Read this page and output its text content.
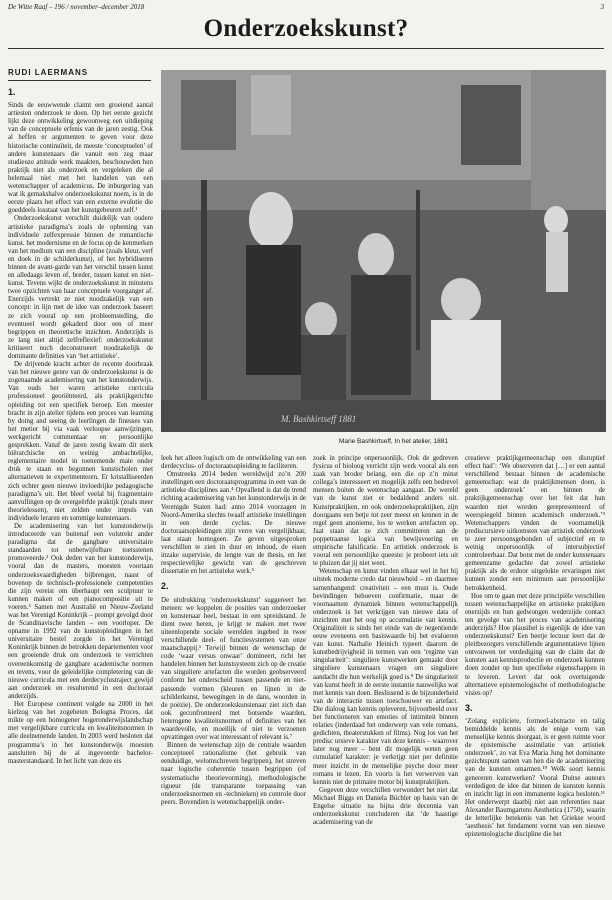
De Witte Raaf – 196 / november–december 2018	3
Onderzoekskunst?
RUDI LAERMANS
1.

Sinds de eeuwwende claimt een groeiend aantal artiesten onderzoek te doen. Op het eerste gezicht lijkt deze ontwikkeling gewoonweg een uitdieping van de conceptuele erfenis van de jaren zestig. Ook al heffen er argumenten te geven voor deze historische continuïteit, de meeste ‘conceptuelen’ of andere kunstenaars die vanuit een zeg maar studieuze attitude werk maakten, beschouwden hun praktijk niet als onderzoek en vergeleken die al helemaal niet met het handelen van een wetenschapper of academicus. De inburgering van wat ik gemakshalve onderzoekskunst noem, is in de eerste plaats het effect van een externe evolutie die goeddeels losstaat van het kunstgebeuren zelf.¹

Onderzoekskunst verschilt duidelijk van oudere artistieke paradigma’s zoals de opheming van individuele zelfexpressie binnen de romantische kunst. het modernisme en de focus op de kenmerken van het medium van een discipline (zoals kleur, verf en doek in de schilderkunst), of het hybridiseren binnen de avant-garde van het verschil tussen kunst en alledaags leven of, breder, tussen kunst en niet-kunst. Tevens wijkt de onderzoekskunst in minstens twee opzichten van haar conceptuele voorganger af. Enerzijds vertrekt ze niet noodzakelijk van een concept: in lijn met de idee van onderzoek baseert ze zich vooral op een probleemstelling, die eventueel wordt gekaderd door een of meer begrippen en theoretische inzichten. Anderzijds is ze lang niet altijd zelfreflexief: onderzoekskunst kritiseert noch deconstrueert noodzakelijk de dominante definities van ‘het artistieke’.

De drijvende kracht achter de recente doorbraak van het nieuwe genre van de onderzoekskunst is de zogenaamde academisering van het kunstonderwijs. Van ouds her waren artistieke curricula professioneel georiënteerd, als praktijkgerichte opleiding tot een specifiek beroep. Een meester bracht in zijn atelier tijdens een proces van learning by doing and seeing de leerlingen de finesses van het metier bij via vaak verloopse aanwijzingen, werkgericht commentaar en persoonlijke gesprekken. Vanaf de jaren zestig kwam dit sterk hiërarchische en weinig ambachtelijke, reglementaire model in toenemende mate onder druk te staan en begonnen kunstscholen met alternatieven te experimenteren. Er kristalliseerden zich echter geen nieuwe invloedrijke pedagogische paradigma’s uit. Het bleef veelal bij fragmentaire aanvullingen op de overgeërfde praktijk (zoals meer theorielessen), niet zelden onder impuls van individuele leraren en sommige kunstenaars.

De academisering van het kunstonderwijs introduceerde van buitenaf een volstrekt ander paradigma dat de gangbare universitaire standaarden tot onbetwijfelbare toetsstenen promoveerde.² Ook deden van het kunstonderwijs, vooral dan de masters, moesten voortaan onderzoeksvaardigheden bijbrengen, naast of bovenop de technisch-professionele competenties die zijn vereist om überhaupt een sculptuur te kunnen maken of een pianocompositie uit te voeren.³ Samen met Australië en Nieuw-Zeeland was het Verenigd Koninkrijk – prompt gevolgd door de Scandinavische landen – een voorloper. De opname in 1992 van de kunstopleidingen in het universitaire bestel zorgde in het Verenigd Koninkrijk binnen de betrokken departementen voor een groeiende druk om onderzoek te verrichten overeenkomstig de gangbare academische normen en tevens, voor de geleidelijke completering van de nieuwe curricula met een derdecyclustraject gewijd aan onderzoek en resulterend in een doctoraat anderzijds.

Het Europese continent volgde na 2000 in het kielzog van het zogeheten Bologna Proces, dat mikte op een homogener hogeronderwijslandschap met vergelijkbare curricula en kwaliteitsnormen in alle deelnemende landen. In 2003 werd besloten dat programma’s in het kunstonderwijs moesten aansluiten bij de al ingevoerde bachelor-masterstandaard. In het licht van deze eis

M. Bashkirtseff 1881
Marie Bashkirtseff, In het atelier, 1881

leek het alleen logisch om de ontwikkeling van een derdecyclus- of doctoraatsopleiding te faciliteren.

Omstreeks 2014 beden wereldwijd zo’n 200 instellingen een doctoraatsprogramma in een van de artistieke disciplines aan.⁴ Opvallend is dat de trend richting academisering van het kunstonderwijs in de Verenigde Staten had: anno 2014 voorzagen in Noord-Amerika slechts twaalf artistieke instellingen in een derde cyclus. De nieuwe doctoraatsopleidingen zijn verre van vergelijkbaar, laat staan homogeen. Ze geven uitgesproken verschillen te zien in duur en inhoud, de eisen inzake supervisie, de lengte van de thesis, en het respectievelijke gewicht van de geschreven dissertatie en het artistieke werk.⁵

2.

De uitdrukking ‘onderzoekskunst’ suggereert het meteen: we koppelen de posities van onderzoeker en kunstenaar heel, bestaat in een spreidstand. Je dient twee heren, je krijgt te maken met twee uiteenlopende sociale werelden ingebed in twee verschillende deel- of functiesystemen van onze maatschappij.⁶ Terwijl binnen de wetenschap de code ‘waar versus onwaar’ domineert, richt het handelen binnen het kunstsysteem zich op de creatie van singuliere artefacten die worden geobserveerd conform het onderscheid tussen passende en niet-passende vormen (kleuren en lijnen in de schilderkunst, bewegingen in de dans, woorden in de poëzie). De onderzoekskunstenaar ziet zich dan ook geconfronteerd met botsende waarden, heterogene kwaliteitsnormen of definities van het waardevolle, en moeilijk of niet te verzoenen opvattingen over wat interessant of relevant is.⁷

Binnen de wetenschap zijn de centrale waarden conceptueel rationalisme (het gebruik van eenduidige, welomschreven begrippen), het streven naar logische coherentie tussen begrippen (of systematische theorievorming), methodologische rigueur (de transparante toepassing van onderzoeksnormen en -technieken) en controle door peers. Bovendien is wetenschappelijk onder-

zoek in principe onpersoonlijk. Ook de gedreven fysicus of bioloog verricht zijn werk vooral als een zaak van broder belang, een die op z’n minst collega’s interesseert en mogelijk zelfs een bedrevel mensen buiten de wetenschap aangaat. De wereld van de kunst ziet er bedaldend anders uit. Kunstpraktijken, en ook onderzoekspraktijken, zijn doorgaans een betje tot zeer meest en kennen in de regel geen anonieme, los te werken artefacten op. Jaat staan dat ze zich committeren aan de poppetraanse logica van bewijsvoering en empirische falsificatie. En artistiek onderzoek is vooral een persoonlijke queeste: je probeert iets uit te pluizen dat jij niet weet.

Wetenschap en kunst vinden elkaar wel in het bij uitstek moderne credo dat nieuwheid – en daarmee samenhangend: creativiteit – een must is. Oude bevindingen behoeven confirmatie, maar de voornaamste dynamiek binnen wetenschappelijk onderzoek is het verkrijgen van nieuwe data of inzichten met het oog op accumulatie van kennis. Originaliteit is sinds het einde van de negentiende eeuw eveneens een basiswaarde bij het evalueren van kunst. Nathalie Heinich typeert daarom de kunstbedrijvigheid in termen van een ‘regime van singulariteit’: singuliere kunstwerken gemaakt door singuliere kunstenaars vragen om singuliere aandacht die hun werkelijk goed is.⁸ De singulariteit van kunst heeft in de eerste instantie nauwelijks wat met kennis van doen. Beslissend is de bijzonderheid van de interactie tussen toeschouwer en artefact. Die dialoog kan kennis opleveren, bijvoorbeeld over het functioneren van emoties of intimiteit binnen relaties (inderdaad het onderwerp van vele romans, gedichten, theaterstukken of films). Nog los van het predisc ursieve karakter van deze kennis – waarover later nog meer – bent dit mogelijk weten geen cumulatief karakter: je verkrijgt niet per definitie meer inzicht in de menselijke psyche door meer romans te lezen. En voorts is het verwerven van kennis niet de primaire motor bij kunstpraktijken.

Gegeven deze verschillen verwondert het niet dat Michael Biggs en Daniela Büchler op basis van de Engelse situatie na bijna drie decennia van onderzoekskunst concluderen dat ‘de haastige academisering van de

creatieve praktijkgemeenschap een disruptief effect had’: ‘We observeren dat […] er een aantal verschillend bestaat binnen de academische gemeenschap: wat de praktijkmensen doen, is geen onderzoek’ en binnen de praktijkgemeenschap over het feit dat hun waarden niet worden gerepresenteerd of weerspiegeld binnen academisch onderzoek.’⁹ Wetenschappers vinden de voornamelijk prediscursieve uitkomsten van artistiek onderzoek te zeer persoonsgebonden of subjectief en te weinig onpersoonlijk of intersubjectief controleerbaar. Dat botst met de onder kunstenaars gemeenzame gedachte dat zowel artistieke praktijk als de erdoor uitgelokte ervaringen niet kunnen zonder een minimum aan persoonlijke betrokkenheid.

Hoe om te gaan met deze principiële verschillen tussen wetenschappelijke en artistieke praktijken enerzijds en hun gedwongen wederzijde contact ten gevolge van het proces van academisering anderzijds? Hoe plausibel is eigenlijk de idee van onderzoekskunst? Een beetje lectuur leert dat de pleitbezorgers verschillende argumentatieve lijnen ontvouwen ter verdediging van de claim dat de kunsten aan kennisproductie en onderzoek kunnen doen zonder op hun specifieke eigenschappen in te leveren. Levert dat ook overtuigende alternatieve epistemologische of methodologische visies op?

3.

‘Zolang expliciete, formeel-abstracte en talig bemiddelde kennis als de enige vorm van menselijke kennis doorgaat, is er geen ruimte voor de epistemische assimilatie van artistiek onderzoek’, zo vat Eva Maria Jung het dominante gezichtspunt samen van hen die de academisering van de kunsten omarmen.¹⁰ Welk soort kennis genereren kunstwerken? Vooral Duitse auteurs verdedigen de idee dat binnen de kunsten kennis en inzicht ligt in een immanente logica besloten.¹¹ Het onderwerpt daarbij niet aan referenties naar Alexander Baumgartens Aesthetica (1750), waarin de letterlijke betekenis van het Griekse woord ‘aesthesis’ het fundament vormt van een nieuwe epistemologische discipline die het
